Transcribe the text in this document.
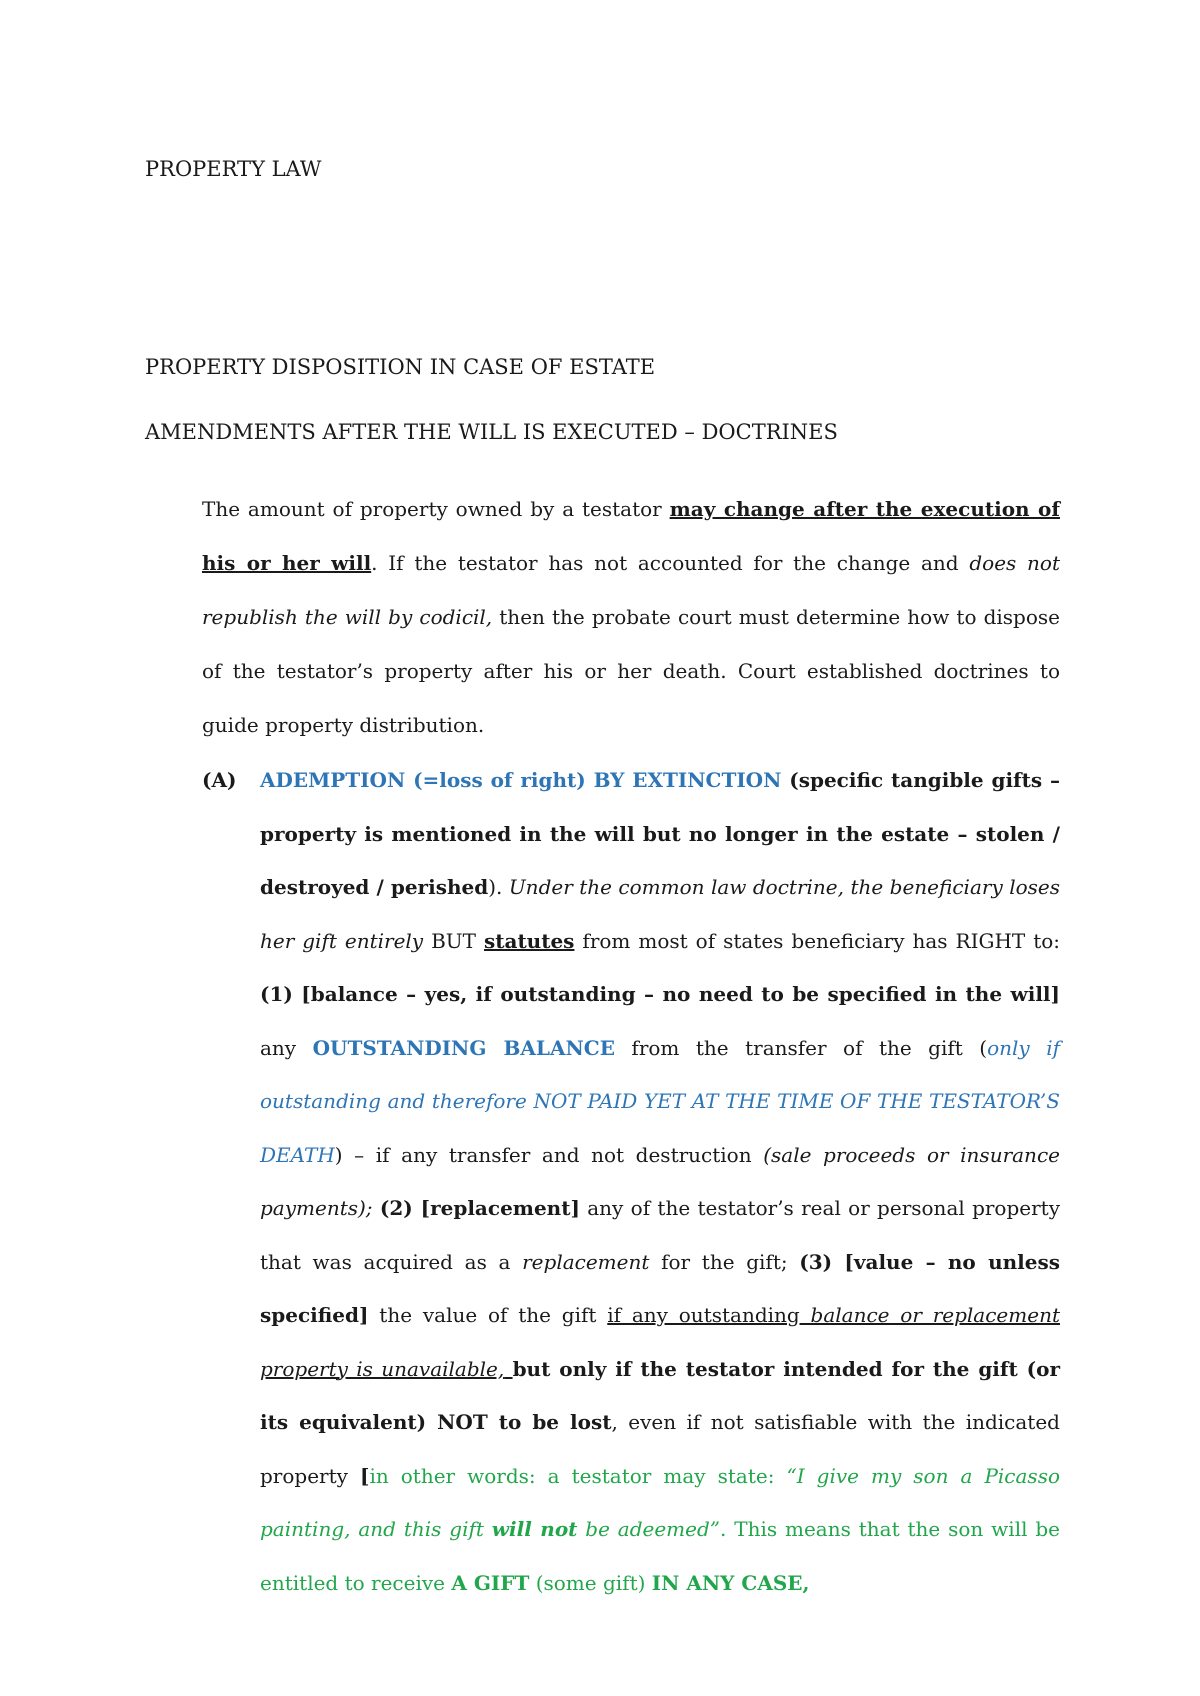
PROPERTY LAW

PROPERTY DISPOSITION IN CASE OF ESTATE

AMENDMENTS AFTER THE WILL IS EXECUTED – DOCTRINES

The amount of property owned by a testator may change after the execution of his or her will. If the testator has not accounted for the change and does not republish the will by codicil, then the probate court must determine how to dispose of the testator’s property after his or her death. Court established doctrines to guide property distribution.
(A) ADEMPTION (=loss of right) BY EXTINCTION (specific tangible gifts – property is mentioned in the will but no longer in the estate – stolen / destroyed / perished). Under the common law doctrine, the beneficiary loses her gift entirely BUT statutes from most of states beneficiary has RIGHT to: (1) [balance – yes, if outstanding – no need to be specified in the will] any OUTSTANDING BALANCE from the transfer of the gift (only if outstanding and therefore NOT PAID YET AT THE TIME OF THE TESTATOR’S DEATH) – if any transfer and not destruction (sale proceeds or insurance payments); (2) [replacement] any of the testator’s real or personal property that was acquired as a replacement for the gift; (3) [value – no unless specified] the value of the gift if any outstanding balance or replacement property is unavailable, but only if the testator intended for the gift (or its equivalent) NOT to be lost, even if not satisfiable with the indicated property [in other words: a testator may state: “I give my son a Picasso painting, and this gift will not be adeemed”. This means that the son will be entitled to receive A GIFT (some gift) IN ANY CASE,
